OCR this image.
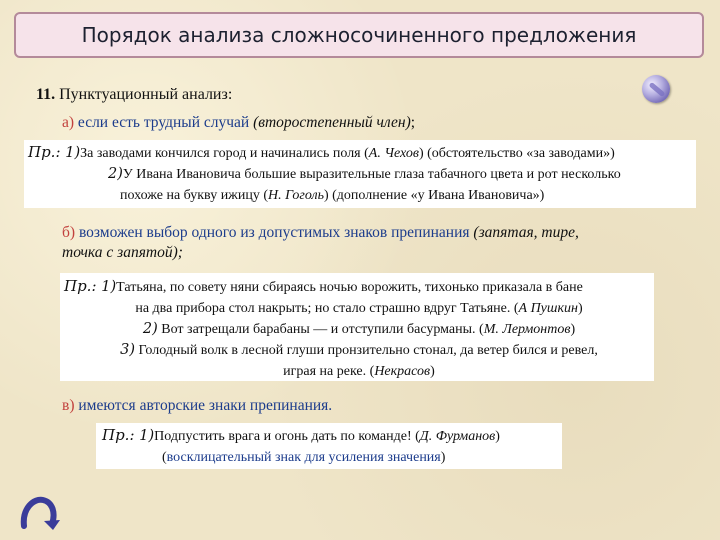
Порядок анализа сложносочиненного предложения
11. Пунктуационный анализ:
а) если есть трудный случай (второстепенный член);
Пр.: 1)За заводами кончился город и начинались поля (А. Чехов) (обстоятельство «за заводами»)
2)У Ивана Ивановича большие выразительные глаза табачного цвета и рот несколько
похоже на букву ижицу (Н. Гоголь) (дополнение «у Ивана Ивановича»)
б) возможен выбор одного из допустимых знаков препинания (запятая, тире,
точка с запятой);
Пр.: 1)Татьяна, по совету няни сбираясь ночью ворожить, тихонько приказала в бане
на два прибора стол накрыть; но стало страшно вдруг Татьяне. (А Пушкин)
2) Вот затрещали барабаны — и отступили басурманы. (М. Лермонтов)
3) Голодный волк в лесной глуши пронзительно стонал, да ветер бился и ревел,
играя на реке. (Некрасов)
в) имеются авторские знаки препинания.
Пр.: 1)Подпустить врага и огонь дать по команде! (Д. Фурманов)
(восклицательный знак для усиления значения)
